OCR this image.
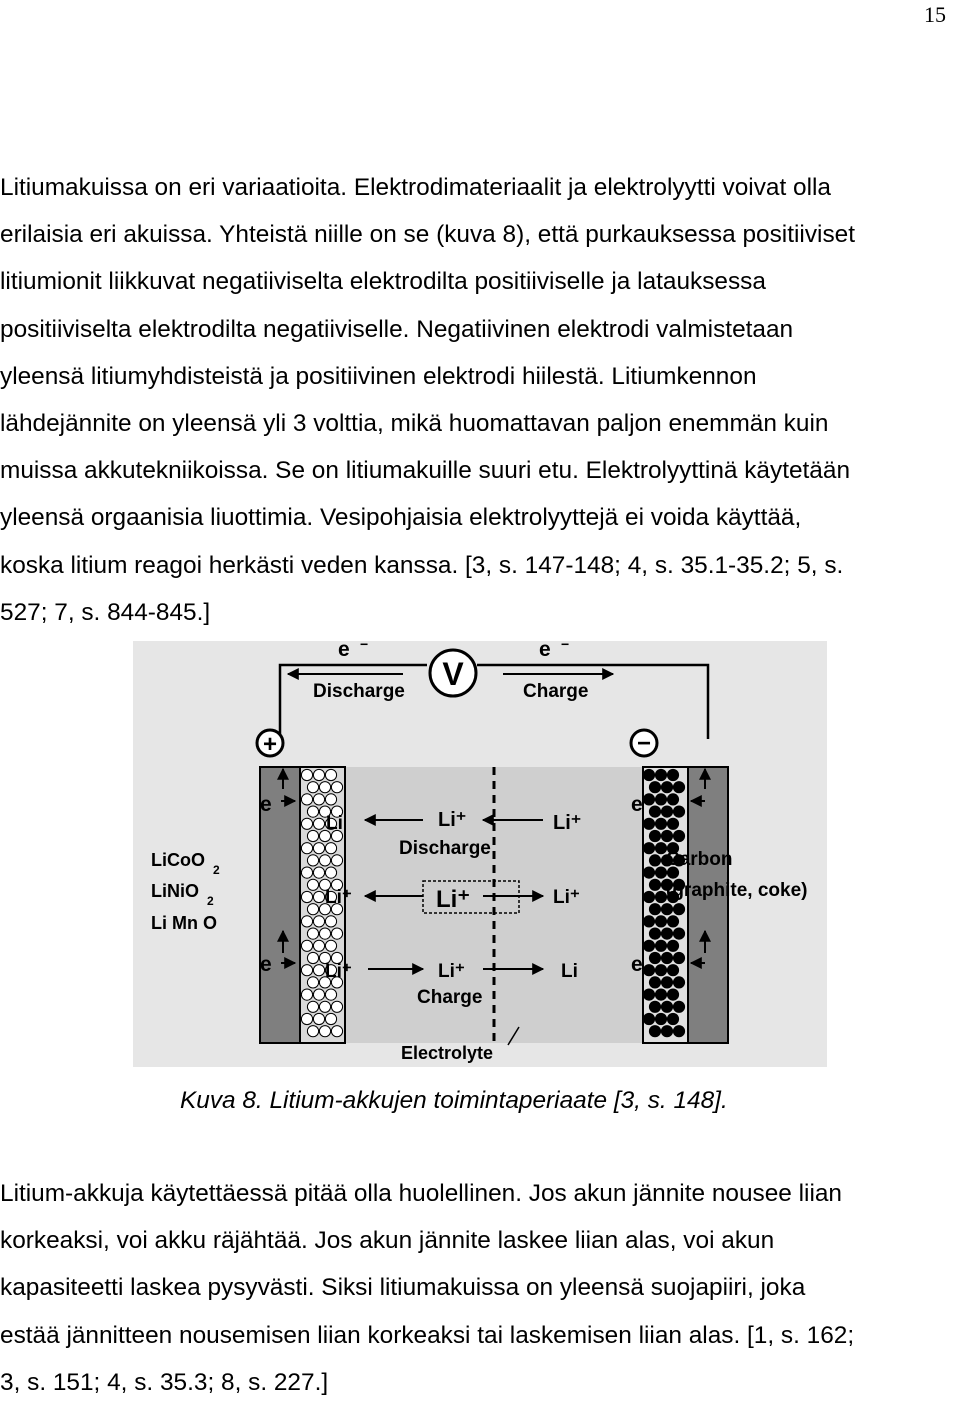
15
Litiumakuissa on eri variaatioita. Elektrodimateriaalit ja elektrolyytti voivat olla
erilaisia eri akuissa. Yhteistä niille on se (kuva 8), että purkauksessa positiiviset
litiumionit liikkuvat negatiiviselta elektrodilta positiiviselle ja latauksessa
positiiviselta elektrodilta negatiiviselle. Negatiivinen elektrodi valmistetaan
yleensä litiumyhdisteistä ja positiivinen elektrodi hiilestä. Litiumkennon
lähdejännite on yleensä yli 3 volttia, mikä huomattavan paljon enemmän kuin
muissa akkutekniikoissa. Se on litiumakuille suuri etu. Elektrolyyttinä käytetään
yleensä orgaanisia liuottimia. Vesipohjaisia elektrolyyttejä ei voida käyttää,
koska litium reagoi herkästi veden kanssa. [3, s. 147-148; 4, s. 35.1-35.2; 5, s.
527; 7, s. 844-845.]
V
e −
Discharge
e −
Charge
+	−
e
e
e
e
LiCoO 2
LiNiO 2
Li Mn O
Carbon
(graphite, coke)
Li	Li⁺	Li⁺
Discharge
Li⁺	Li⁺	Li⁺
Li⁺	Li⁺	Li
Charge
Electrolyte
Kuva 8. Litium-akkujen toimintaperiaate [3, s. 148].
Litium-akkuja käytettäessä pitää olla huolellinen. Jos akun jännite nousee liian
korkeaksi, voi akku räjähtää. Jos akun jännite laskee liian alas, voi akun
kapasiteetti laskea pysyvästi. Siksi litiumakuissa on yleensä suojapiiri, joka
estää jännitteen nousemisen liian korkeaksi tai laskemisen liian alas. [1, s. 162;
3, s. 151; 4, s. 35.3; 8, s. 227.]
